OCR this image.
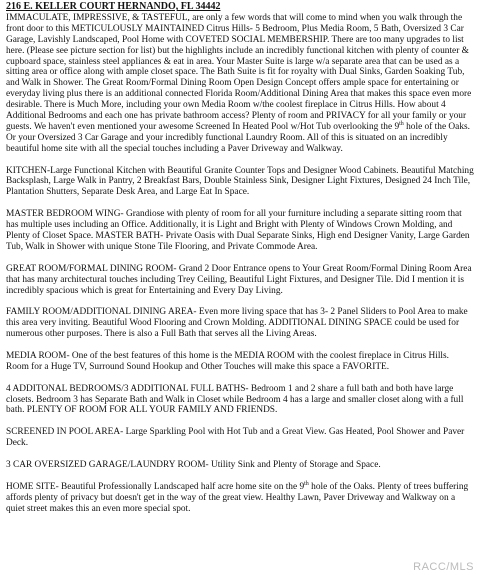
216 E. KELLER COURT HERNANDO, FL 34442

IMMACULATE, IMPRESSIVE, & TASTEFUL, are only a few words that will come to mind when you walk through the front door to this METICULOUSLY MAINTAINED Citrus Hills- 5 Bedroom, Plus Media Room, 5 Bath, Oversized 3 Car Garage, Lavishly Landscaped, Pool Home with COVETED SOCIAL MEMBERSHIP. There are too many upgrades to list here. (Please see picture section for list) but the highlights include an incredibly functional kitchen with plenty of counter & cupboard space, stainless steel appliances & eat in area. Your Master Suite is large w/a separate area that can be used as a sitting area or office along with ample closet space. The Bath Suite is fit for royalty with Dual Sinks, Garden Soaking Tub, and Walk in Shower. The Great Room/Formal Dining Room Open Design Concept offers ample space for entertaining or everyday living plus there is an additional connected Florida Room/Additional Dining Area that makes this space even more desirable. There is Much More, including your own Media Room w/the coolest fireplace in Citrus Hills. How about 4 Additional Bedrooms and each one has private bathroom access? Plenty of room and PRIVACY for all your family or your guests. We haven't even mentioned your awesome Screened In Heated Pool w/Hot Tub overlooking the 9th hole of the Oaks. Or your Oversized 3 Car Garage and your incredibly functional Laundry Room. All of this is situated on an incredibly beautiful home site with all the special touches including a Paver Driveway and Walkway.

KITCHEN-Large Functional Kitchen with Beautiful Granite Counter Tops and Designer Wood Cabinets. Beautiful Matching Backsplash, Large Walk in Pantry, 2 Breakfast Bars, Double Stainless Sink, Designer Light Fixtures, Designed 24 Inch Tile, Plantation Shutters, Separate Desk Area, and Large Eat In Space.

MASTER BEDROOM WING- Grandiose with plenty of room for all your furniture including a separate sitting room that has multiple uses including an Office. Additionally, it is Light and Bright with Plenty of Windows Crown Molding, and Plenty of Closet Space. MASTER BATH- Private Oasis with Dual Separate Sinks, High end Designer Vanity, Large Garden Tub, Walk in Shower with unique Stone Tile Flooring, and Private Commode Area.

GREAT ROOM/FORMAL DINING ROOM- Grand 2 Door Entrance opens to Your Great Room/Formal Dining Room Area that has many architectural touches including Trey Ceiling, Beautiful Light Fixtures, and Designer Tile. Did I mention it is incredibly spacious which is great for Entertaining and Every Day Living.

FAMILY ROOM/ADDITIONAL DINING AREA- Even more living space that has 3- 2 Panel Sliders to Pool Area to make this area very inviting. Beautiful Wood Flooring and Crown Molding. ADDITIONAL DINING SPACE could be used for numerous other purposes. There is also a Full Bath that serves all the Living Areas.

MEDIA ROOM- One of the best features of this home is the MEDIA ROOM with the coolest fireplace in Citrus Hills. Room for a Huge TV, Surround Sound Hookup and Other Touches will make this space a FAVORITE.

4 ADDITONAL BEDROOMS/3 ADDITIONAL FULL BATHS- Bedroom 1 and 2 share a full bath and both have large closets. Bedroom 3 has Separate Bath and Walk in Closet while Bedroom 4 has a large and smaller closet along with a full bath. PLENTY OF ROOM FOR ALL YOUR FAMILY AND FRIENDS.

SCREENED IN POOL AREA- Large Sparkling Pool with Hot Tub and a Great View. Gas Heated, Pool Shower and Paver Deck.

3 CAR OVERSIZED GARAGE/LAUNDRY ROOM- Utility Sink and Plenty of Storage and Space.

HOME SITE- Beautiful Professionally Landscaped half acre home site on the 9th hole of the Oaks. Plenty of trees buffering affords plenty of privacy but doesn't get in the way of the great view. Healthy Lawn, Paver Driveway and Walkway on a quiet street makes this an even more special spot.

RACC/MLS
